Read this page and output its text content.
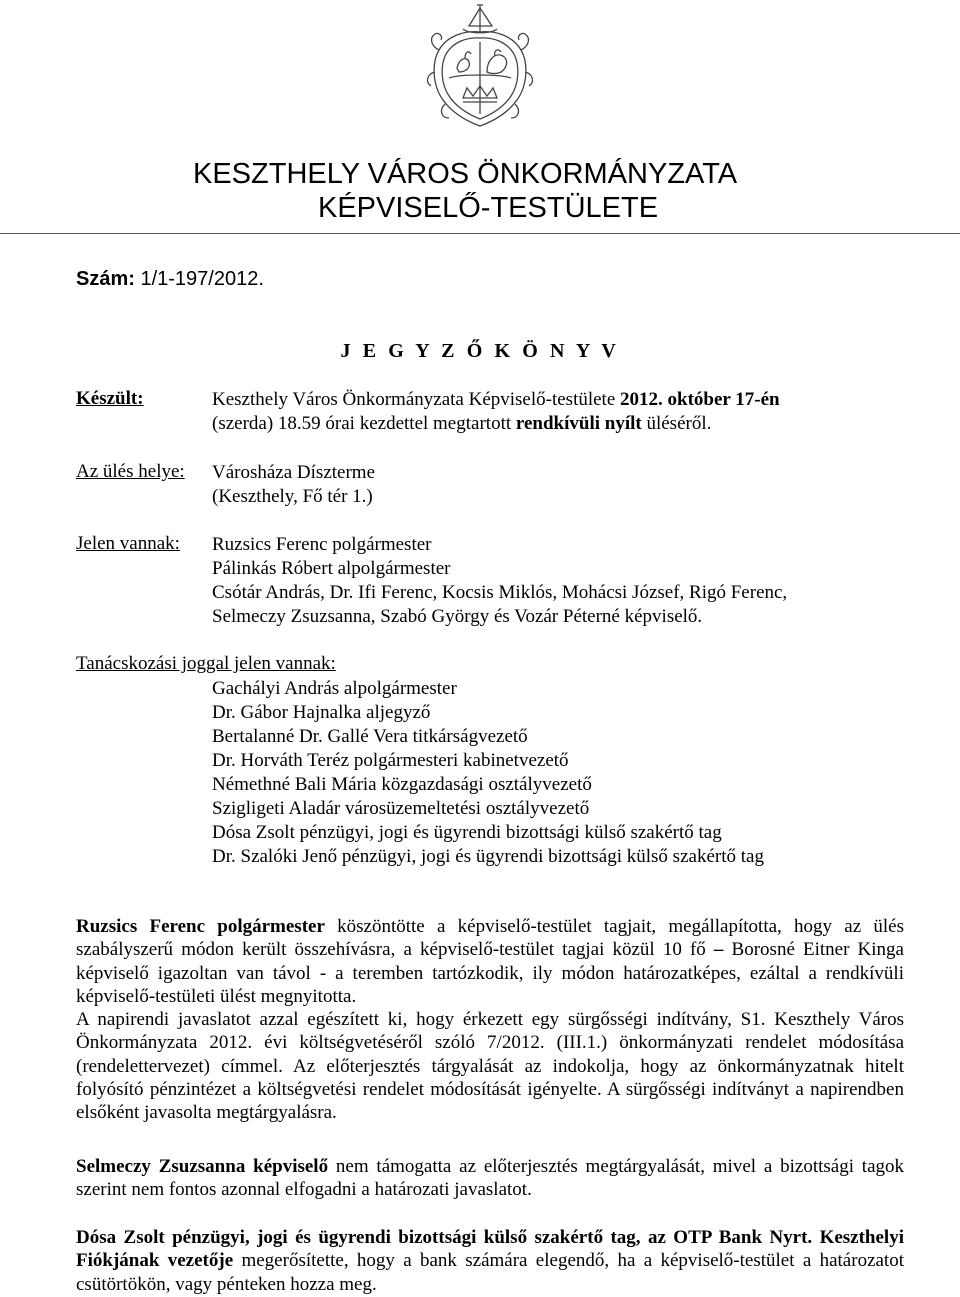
KESZTHELY VÁROS ÖNKORMÁNYZATA
KÉPVISELŐ-TESTÜLETE
Szám: 1/1-197/2012.
J E G Y Z Ő K Ö N Y V
Készült:	Keszthely Város Önkormányzata Képviselő-testülete 2012. október 17-én
(szerda) 18.59 órai kezdettel megtartott rendkívüli nyílt üléséről.
Az ülés helye: Városháza Díszterme
(Keszthely, Fő tér 1.)
Jelen vannak: Ruzsics Ferenc polgármester
Pálinkás Róbert alpolgármester
Csótár András, Dr. Ifi Ferenc, Kocsis Miklós, Mohácsi József, Rigó Ferenc,
Selmeczy Zsuzsanna, Szabó György és Vozár Péterné képviselő.
Tanácskozási joggal jelen vannak:
Gachályi András alpolgármester
Dr. Gábor Hajnalka aljegyző
Bertalanné Dr. Gallé Vera titkárságvezető
Dr. Horváth Teréz polgármesteri kabinetvezető
Némethné Bali Mária közgazdasági osztályvezető
Szigligeti Aladár városüzemeltetési osztályvezető
Dósa Zsolt pénzügyi, jogi és ügyrendi bizottsági külső szakértő tag
Dr. Szalóki Jenő pénzügyi, jogi és ügyrendi bizottsági külső szakértő tag
Ruzsics Ferenc polgármester köszöntötte a képviselő-testület tagjait, megállapította, hogy az ülés szabályszerű módon került összehívásra, a képviselő-testület tagjai közül 10 fő – Borosné Eitner Kinga képviselő igazoltan van távol - a teremben tartózkodik, ily módon határozatképes, ezáltal a rendkívüli képviselő-testületi ülést megnyitotta.
A napirendi javaslatot azzal egészített ki, hogy érkezett egy sürgősségi indítvány, S1. Keszthely Város Önkormányzata 2012. évi költségvetéséről szóló 7/2012. (III.1.) önkormányzati rendelet módosítása (rendelettervezet) címmel. Az előterjesztés tárgyalását az indokolja, hogy az önkormányzatnak hitelt folyósító pénzintézet a költségvetési rendelet módosítását igényelte. A sürgősségi indítványt a napirendben elsőként javasolta megtárgyalásra.
Selmeczy Zsuzsanna képviselő nem támogatta az előterjesztés megtárgyalását, mivel a bizottsági tagok szerint nem fontos azonnal elfogadni a határozati javaslatot.
Dósa Zsolt pénzügyi, jogi és ügyrendi bizottsági külső szakértő tag, az OTP Bank Nyrt. Keszthelyi Fiókjának vezetője megerősítette, hogy a bank számára elegendő, ha a képviselő-testület a határozatot csütörtökön, vagy pénteken hozza meg.
